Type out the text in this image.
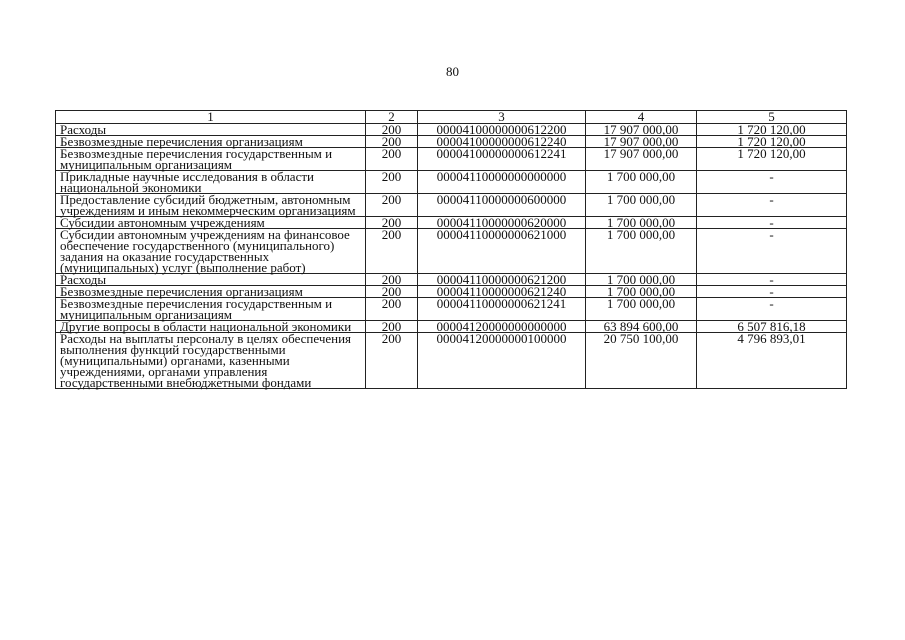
80
1	2	3	4	5
Расходы	200	00004100000000612200	17 907 000,00	1 720 120,00
Безвозмездные перечисления организациям	200	00004100000000612240	17 907 000,00	1 720 120,00
Безвозмездные перечисления государственным и муниципальным организациям	200	00004100000000612241	17 907 000,00	1 720 120,00
Прикладные научные исследования в области национальной экономики	200	00004110000000000000	1 700 000,00	-
Предоставление субсидий бюджетным, автономным учреждениям и иным некоммерческим организациям	200	00004110000000600000	1 700 000,00	-
Субсидии автономным учреждениям	200	00004110000000620000	1 700 000,00	-
Субсидии автономным учреждениям на финансовое обеспечение государственного (муниципального) задания на оказание государственных (муниципальных) услуг (выполнение работ)	200	00004110000000621000	1 700 000,00	-
Расходы	200	00004110000000621200	1 700 000,00	-
Безвозмездные перечисления организациям	200	00004110000000621240	1 700 000,00	-
Безвозмездные перечисления государственным и муниципальным организациям	200	00004110000000621241	1 700 000,00	-
Другие вопросы в области национальной экономики	200	00004120000000000000	63 894 600,00	6 507 816,18
Расходы на выплаты персоналу в целях обеспечения выполнения функций государственными (муниципальными) органами, казенными учреждениями, органами управления государственными внебюджетными фондами	200	00004120000000100000	20 750 100,00	4 796 893,01
